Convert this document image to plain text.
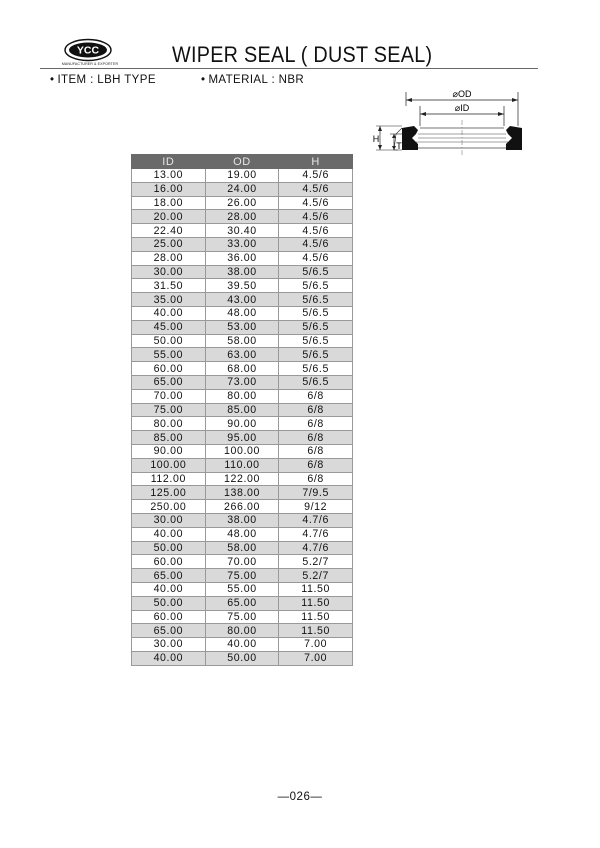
YCC
MANUFACTURER & EXPORTER	WIPER SEAL ( DUST SEAL)
• ITEM : LBH TYPE	• MATERIAL : NBR
⌀OD
⌀ID
H
T
ID	OD	H
13.00	19.00	4.5/6
16.00	24.00	4.5/6
18.00	26.00	4.5/6
20.00	28.00	4.5/6
22.40	30.40	4.5/6
25.00	33.00	4.5/6
28.00	36.00	4.5/6
30.00	38.00	5/6.5
31.50	39.50	5/6.5
35.00	43.00	5/6.5
40.00	48.00	5/6.5
45.00	53.00	5/6.5
50.00	58.00	5/6.5
55.00	63.00	5/6.5
60.00	68.00	5/6.5
65.00	73.00	5/6.5
70.00	80.00	6/8
75.00	85.00	6/8
80.00	90.00	6/8
85.00	95.00	6/8
90.00	100.00	6/8
100.00	110.00	6/8
112.00	122.00	6/8
125.00	138.00	7/9.5
250.00	266.00	9/12
30.00	38.00	4.7/6
40.00	48.00	4.7/6
50.00	58.00	4.7/6
60.00	70.00	5.2/7
65.00	75.00	5.2/7
40.00	55.00	11.50
50.00	65.00	11.50
60.00	75.00	11.50
65.00	80.00	11.50
30.00	40.00	7.00
40.00	50.00	7.00
—026—
